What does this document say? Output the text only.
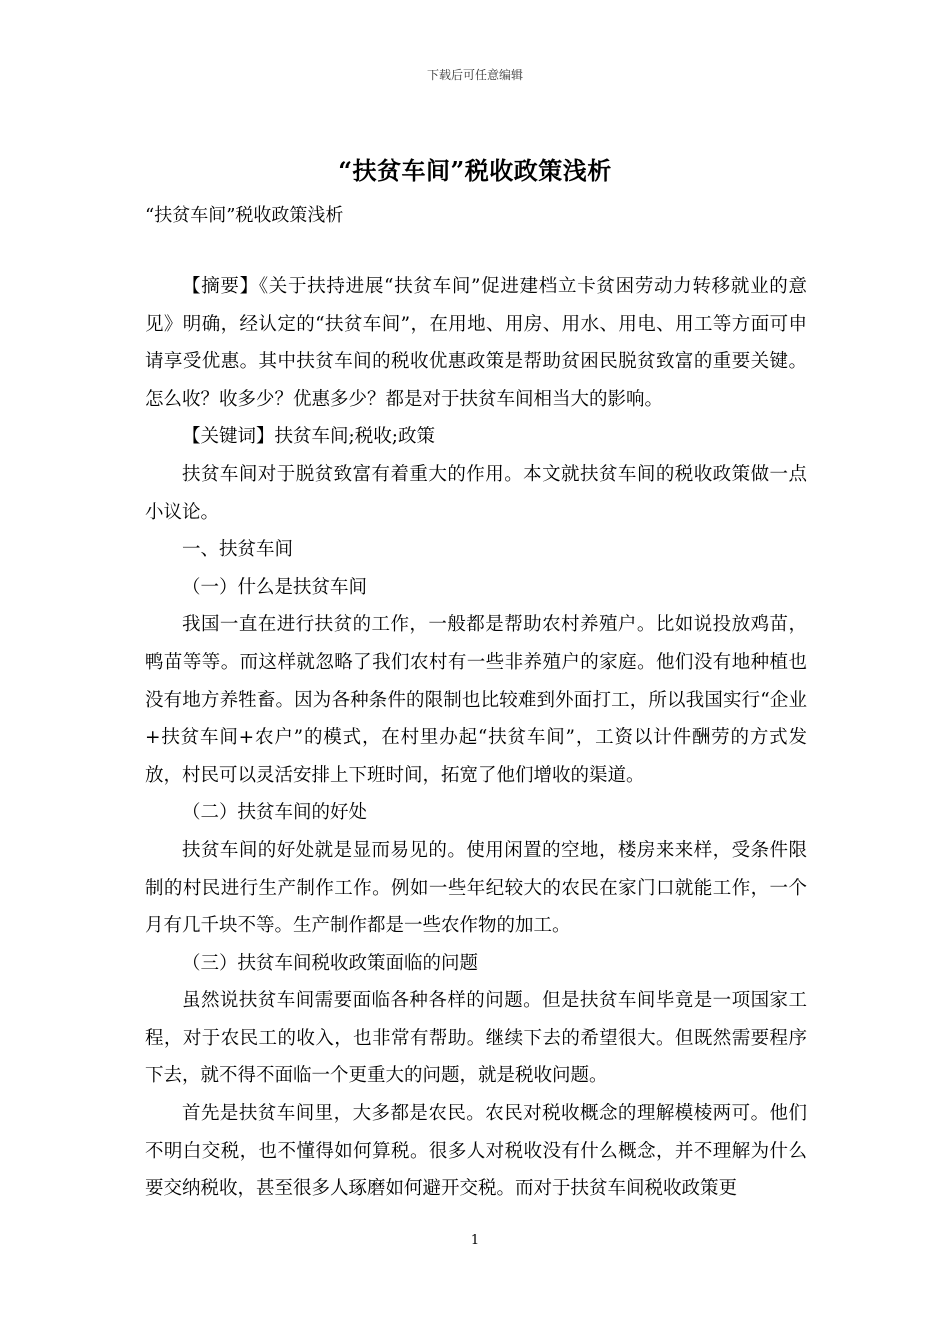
下载后可任意编辑
“扶贫车间”税收政策浅析
“扶贫车间”税收政策浅析

【摘要】《关于扶持进展“扶贫车间”促进建档立卡贫困劳动力转移就业的意见》明确，经认定的“扶贫车间”，在用地、用房、用水、用电、用工等方面可申请享受优惠。其中扶贫车间的税收优惠政策是帮助贫困民脱贫致富的重要关键。怎么收？收多少？优惠多少？都是对于扶贫车间相当大的影响。

【关键词】扶贫车间;税收;政策

扶贫车间对于脱贫致富有着重大的作用。本文就扶贫车间的税收政策做一点小议论。

一、扶贫车间

（一）什么是扶贫车间

我国一直在进行扶贫的工作，一般都是帮助农村养殖户。比如说投放鸡苗，鸭苗等等。而这样就忽略了我们农村有一些非养殖户的家庭。他们没有地种植也没有地方养牲畜。因为各种条件的限制也比较难到外面打工，所以我国实行“企业+扶贫车间+农户”的模式，在村里办起“扶贫车间”，工资以计件酬劳的方式发放，村民可以灵活安排上下班时间，拓宽了他们增收的渠道。

（二）扶贫车间的好处

扶贫车间的好处就是显而易见的。使用闲置的空地，楼房来来样，受条件限制的村民进行生产制作工作。例如一些年纪较大的农民在家门口就能工作，一个月有几千块不等。生产制作都是一些农作物的加工。

（三）扶贫车间税收政策面临的问题

虽然说扶贫车间需要面临各种各样的问题。但是扶贫车间毕竟是一项国家工程，对于农民工的收入，也非常有帮助。继续下去的希望很大。但既然需要程序下去，就不得不面临一个更重大的问题，就是税收问题。

首先是扶贫车间里，大多都是农民。农民对税收概念的理解模棱两可。他们不明白交税，也不懂得如何算税。很多人对税收没有什么概念，并不理解为什么要交纳税收，甚至很多人琢磨如何避开交税。而对于扶贫车间税收政策更

1
